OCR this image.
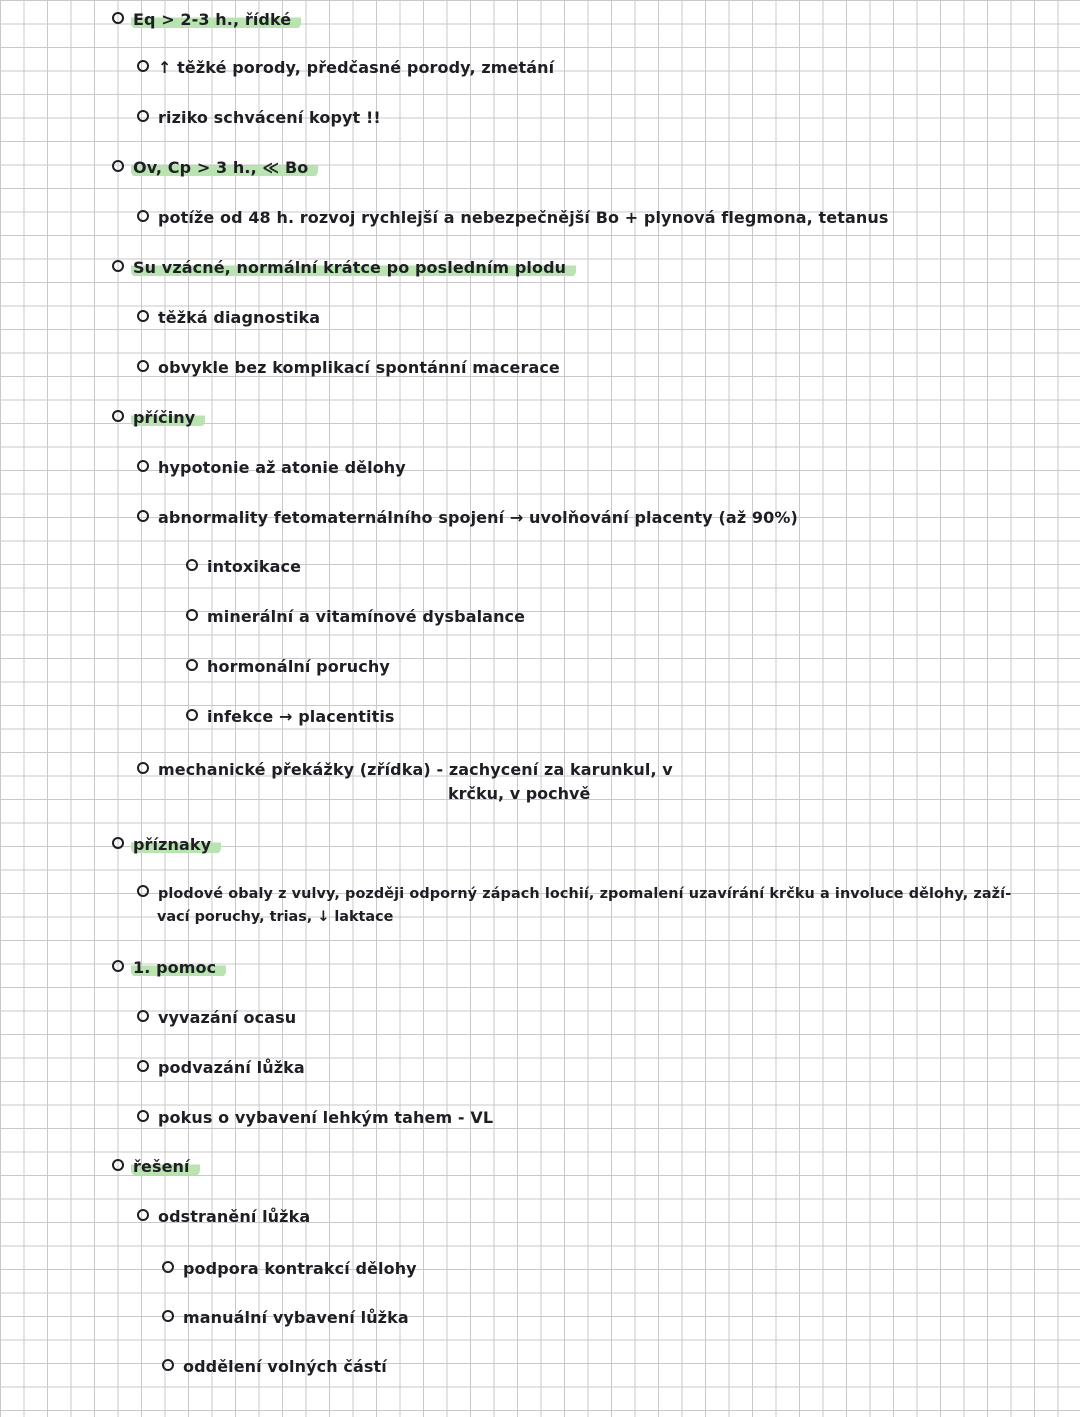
Eq > 2-3 h., řídké
↑ těžké porody, předčasné porody, zmetání
riziko schvácení kopyt !!
Ov, Cp > 3 h., ≪ Bo
potíže od 48 h. rozvoj rychlejší a nebezpečnější Bo + plynová flegmona, tetanus
Su vzácné, normální krátce po posledním plodu
těžká diagnostika
obvykle bez komplikací spontánní macerace
příčiny
hypotonie až atonie dělohy
abnormality fetomaternálního spojení → uvolňování placenty (až 90%)
intoxikace
minerální a vitamínové dysbalance
hormonální poruchy
infekce → placentitis
mechanické překážky (zřídka) - zachycení za karunkul, v
krčku, v pochvě
příznaky
plodové obaly z vulvy, později odporný zápach lochií, zpomalení uzavírání krčku a involuce dělohy, zaží-
vací poruchy, trias, ↓ laktace
1. pomoc
vyvazání ocasu
podvazání lůžka
pokus o vybavení lehkým tahem - VL
řešení
odstranění lůžka
podpora kontrakcí dělohy
manuální vybavení lůžka
oddělení volných částí
